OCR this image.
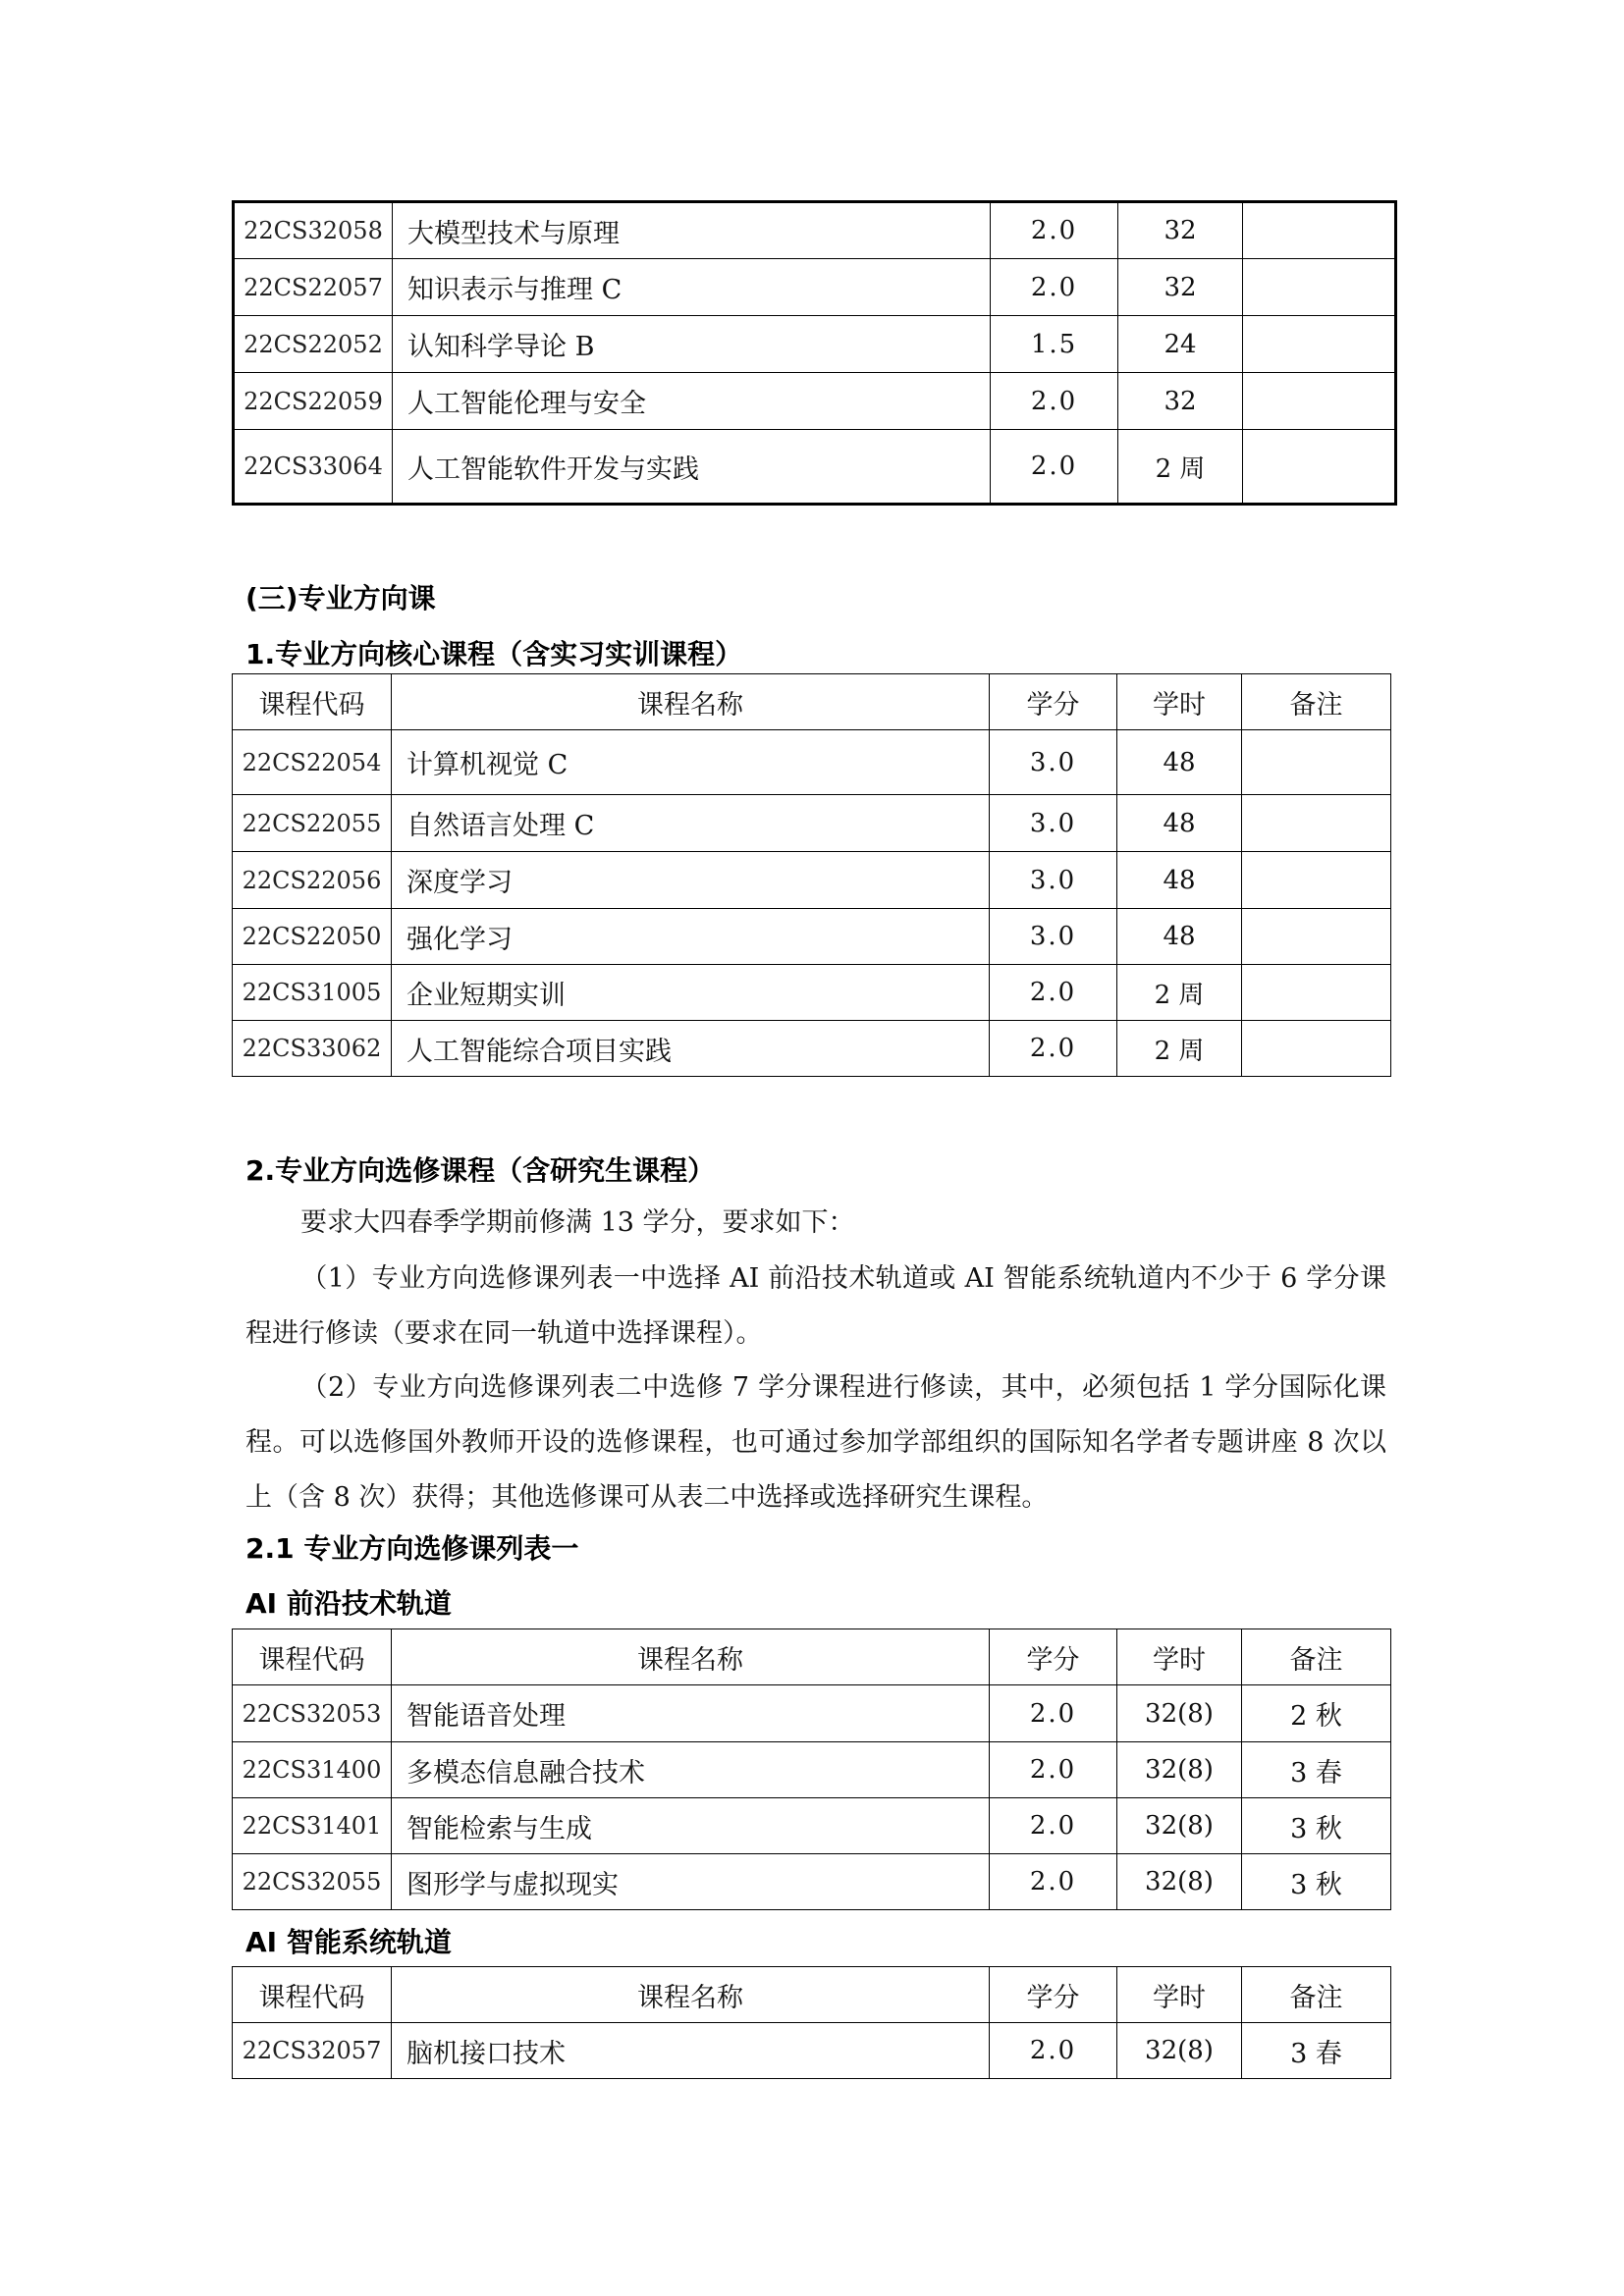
22CS32058	大模型技术与原理	2.0	32	
22CS22057	知识表示与推理 C	2.0	32	
22CS22052	认知科学导论 B	1.5	24	
22CS22059	人工智能伦理与安全	2.0	32	
22CS33064	人工智能软件开发与实践	2.0	2 周	
(三)专业方向课
1.专业方向核心课程（含实习实训课程）
课程代码	课程名称	学分	学时	备注
22CS22054	计算机视觉 C	3.0	48	
22CS22055	自然语言处理 C	3.0	48	
22CS22056	深度学习	3.0	48	
22CS22050	强化学习	3.0	48	
22CS31005	企业短期实训	2.0	2 周	
22CS33062	人工智能综合项目实践	2.0	2 周	
2.专业方向选修课程（含研究生课程）
要求大四春季学期前修满 13 学分，要求如下：
（1）专业方向选修课列表一中选择 AI 前沿技术轨道或 AI 智能系统轨道内不少于 6 学分课程进行修读（要求在同一轨道中选择课程）。
（2）专业方向选修课列表二中选修 7 学分课程进行修读，其中，必须包括 1 学分国际化课程。可以选修国外教师开设的选修课程，也可通过参加学部组织的国际知名学者专题讲座 8 次以上（含 8 次）获得；其他选修课可从表二中选择或选择研究生课程。
2.1 专业方向选修课列表一
AI 前沿技术轨道
课程代码	课程名称	学分	学时	备注
22CS32053	智能语音处理	2.0	32(8)	2 秋
22CS31400	多模态信息融合技术	2.0	32(8)	3 春
22CS31401	智能检索与生成	2.0	32(8)	3 秋
22CS32055	图形学与虚拟现实	2.0	32(8)	3 秋
AI 智能系统轨道
课程代码	课程名称	学分	学时	备注
22CS32057	脑机接口技术	2.0	32(8)	3 春
